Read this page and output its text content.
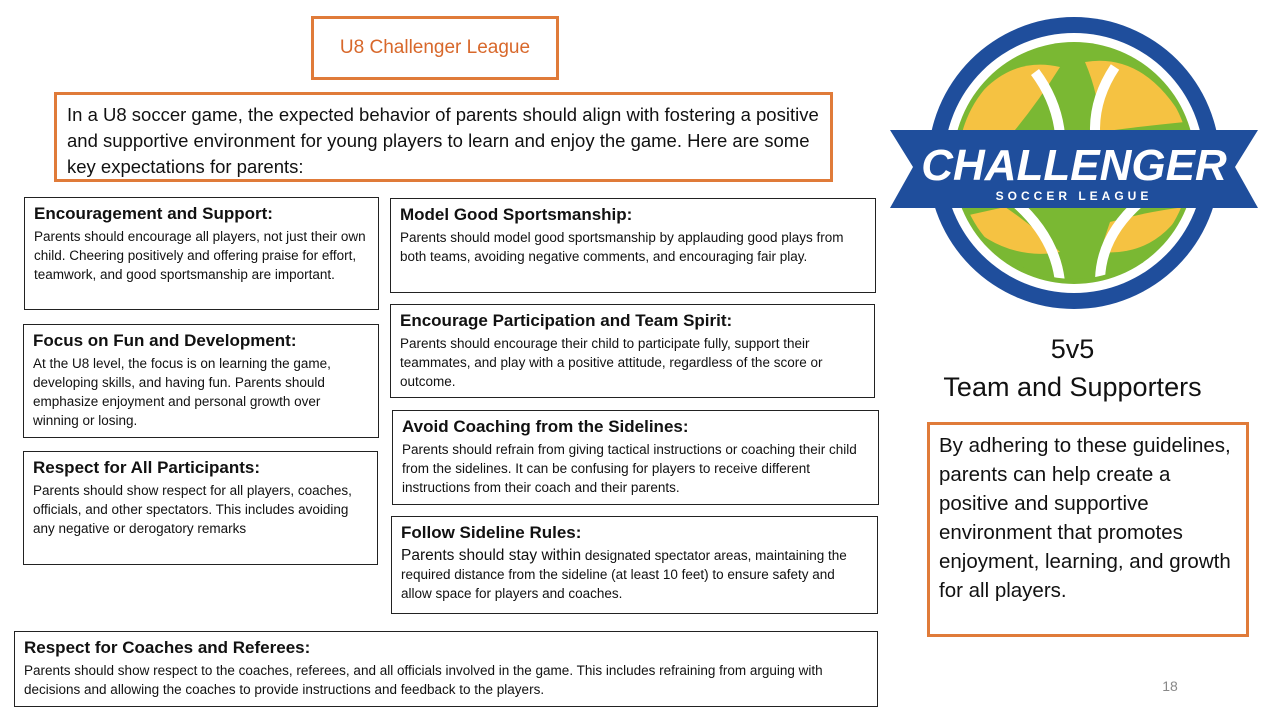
U8 Challenger League
In a U8 soccer game, the expected behavior of parents should align with fostering a positive and supportive environment for young players to learn and enjoy the game. Here are some key expectations for parents:
Encouragement and Support:

Parents should encourage all players, not just their own child. Cheering positively and offering praise for effort, teamwork, and good sportsmanship are important.

Focus on Fun and Development:

At the U8 level, the focus is on learning the game, developing skills, and having fun. Parents should emphasize enjoyment and personal growth over winning or losing.

Respect for All Participants:

Parents should show respect for all players, coaches, officials, and other spectators. This includes avoiding any negative or derogatory remarks

Model Good Sportsmanship:

Parents should model good sportsmanship by applauding good plays from both teams, avoiding negative comments, and encouraging fair play.

Encourage Participation and Team Spirit:

Parents should encourage their child to participate fully, support their teammates, and play with a positive attitude, regardless of the score or outcome.

Avoid Coaching from the Sidelines:

Parents should refrain from giving tactical instructions or coaching their child from the sidelines. It can be confusing for players to receive different instructions from their coach and their parents.

Follow Sideline Rules:

Parents should stay within designated spectator areas, maintaining the required distance from the sideline (at least 10 feet) to ensure safety and allow space for players and coaches.

Respect for Coaches and Referees:

Parents should show respect to the coaches, referees, and all officials involved in the game. This includes refraining from arguing with decisions and allowing the coaches to provide instructions and feedback to the players.

CHALLENGER
SOCCER LEAGUE
5v5
Team and Supporters
By adhering to these guidelines, parents can help create a positive and supportive environment that promotes enjoyment, learning, and growth for all players.
18
